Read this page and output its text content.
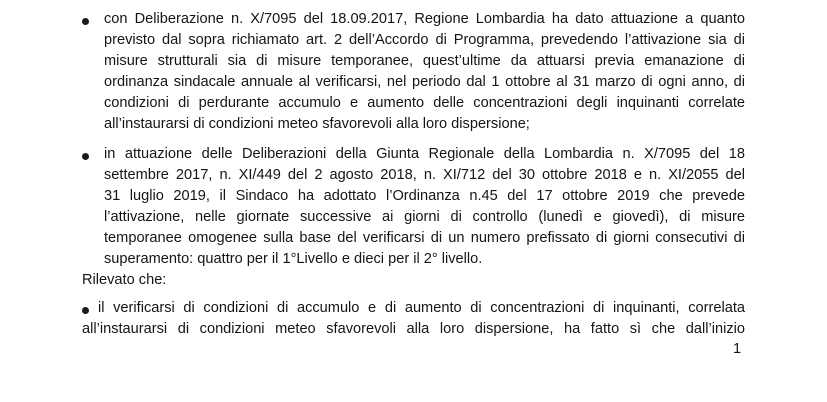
con Deliberazione n. X/7095 del 18.09.2017, Regione Lombardia ha dato attuazione a quanto
previsto dal sopra richiamato art. 2 dell’Accordo di Programma, prevedendo l’attivazione sia di
misure strutturali sia di misure temporanee, quest’ultime da attuarsi previa emanazione di
ordinanza sindacale annuale al verificarsi, nel periodo dal 1 ottobre al 31 marzo di ogni anno, di
condizioni di perdurante accumulo e aumento delle concentrazioni degli inquinanti correlate
all’instaurarsi di condizioni meteo sfavorevoli alla loro dispersione;
in attuazione delle Deliberazioni della Giunta Regionale della Lombardia n. X/7095 del 18
settembre 2017, n. XI/449 del 2 agosto 2018, n. XI/712 del 30 ottobre 2018 e n. XI/2055 del
31 luglio 2019, il Sindaco ha adottato l’Ordinanza n.45 del 17 ottobre 2019 che prevede
l’attivazione, nelle giornate successive ai giorni di controllo (lunedì e giovedì), di misure
temporanee omogenee sulla base del verificarsi di un numero prefissato di giorni consecutivi di
superamento: quattro per il 1°Livello e dieci per il 2° livello.
Rilevato che:
il verificarsi di condizioni di accumulo e di aumento di concentrazioni di inquinanti, correlata
all’instaurarsi di condizioni meteo sfavorevoli alla loro dispersione, ha fatto sì che dall’inizio
1
